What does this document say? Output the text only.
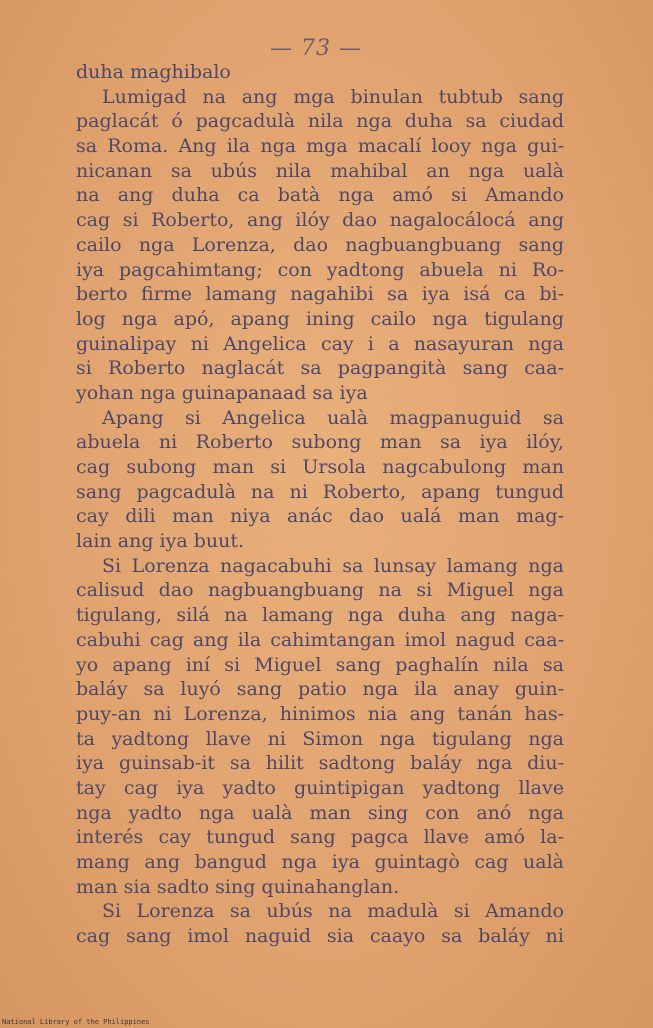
— 73 —
duha maghibalo
Lumigad na ang mga binulan tubtub sang
paglacát ó pagcadulà nila nga duha sa ciudad
sa Roma. Ang ila nga mga macalí looy nga gui-
nicanan sa ubús nila mahibal an nga ualà
na ang duha ca batà nga amó si Amando
cag si Roberto, ang ilóy dao nagalocálocá ang
cailo nga Lorenza, dao nagbuangbuang sang
iya pagcahimtang; con yadtong abuela ni Ro-
berto firme lamang nagahibi sa iya isá ca bi-
log nga apó, apang ining cailo nga tigulang
guinalipay ni Angelica cay i a nasayuran nga
si Roberto naglacát sa pagpangità sang caa-
yohan nga guinapanaad sa iya
Apang si Angelica ualà magpanuguid sa
abuela ni Roberto subong man sa iya ilóy,
cag subong man si Ursola nagcabulong man
sang pagcadulà na ni Roberto, apang tungud
cay dili man niya anác dao ualá man mag-
lain ang iya buut.
Si Lorenza nagacabuhi sa lunsay lamang nga
calisud dao nagbuangbuang na si Miguel nga
tigulang, silá na lamang nga duha ang naga-
cabuhi cag ang ila cahimtangan imol nagud caa-
yo apang iní si Miguel sang paghalín nila sa
baláy sa luyó sang patio nga ila anay guin-
puy-an ni Lorenza, hinimos nia ang tanán has-
ta yadtong llave ni Simon nga tigulang nga
iya guinsab-it sa hilit sadtong baláy nga diu-
tay cag iya yadto guintipigan yadtong llave
nga yadto nga ualà man sing con anó nga
interés cay tungud sang pagca llave amó la-
mang ang bangud nga iya guintagò cag ualà
man sia sadto sing quinahanglan.
Si Lorenza sa ubús na madulà si Amando
cag sang imol naguid sia caayo sa baláy ni
National Library of the Philippines
